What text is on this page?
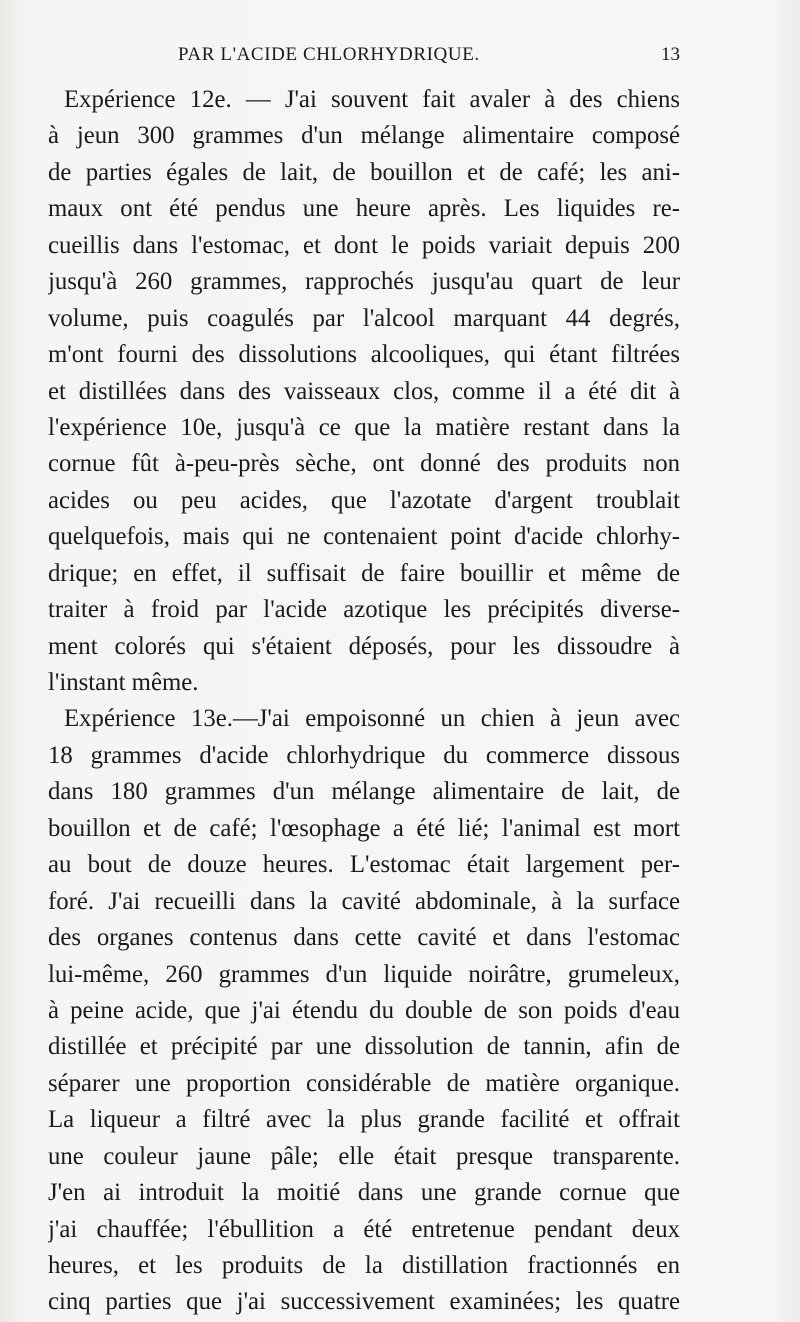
PAR L'ACIDE CHLORHYDRIQUE.	13
Expérience 12e. — J'ai souvent fait avaler à des chiens
à jeun 300 grammes d'un mélange alimentaire composé
de parties égales de lait, de bouillon et de café; les ani-
maux ont été pendus une heure après. Les liquides re-
cueillis dans l'estomac, et dont le poids variait depuis 200
jusqu'à 260 grammes, rapprochés jusqu'au quart de leur
volume, puis coagulés par l'alcool marquant 44 degrés,
m'ont fourni des dissolutions alcooliques, qui étant filtrées
et distillées dans des vaisseaux clos, comme il a été dit à
l'expérience 10e, jusqu'à ce que la matière restant dans la
cornue fût à-peu-près sèche, ont donné des produits non
acides ou peu acides, que l'azotate d'argent troublait
quelquefois, mais qui ne contenaient point d'acide chlorhy-
drique; en effet, il suffisait de faire bouillir et même de
traiter à froid par l'acide azotique les précipités diverse-
ment colorés qui s'étaient déposés, pour les dissoudre à
l'instant même.
Expérience 13e.—J'ai empoisonné un chien à jeun avec
18 grammes d'acide chlorhydrique du commerce dissous
dans 180 grammes d'un mélange alimentaire de lait, de
bouillon et de café; l'œsophage a été lié; l'animal est mort
au bout de douze heures. L'estomac était largement per-
foré. J'ai recueilli dans la cavité abdominale, à la surface
des organes contenus dans cette cavité et dans l'estomac
lui-même, 260 grammes d'un liquide noirâtre, grumeleux,
à peine acide, que j'ai étendu du double de son poids d'eau
distillée et précipité par une dissolution de tannin, afin de
séparer une proportion considérable de matière organique.
La liqueur a filtré avec la plus grande facilité et offrait
une couleur jaune pâle; elle était presque transparente.
J'en ai introduit la moitié dans une grande cornue que
j'ai chauffée; l'ébullition a été entretenue pendant deux
heures, et les produits de la distillation fractionnés en
cinq parties que j'ai successivement examinées; les quatre
